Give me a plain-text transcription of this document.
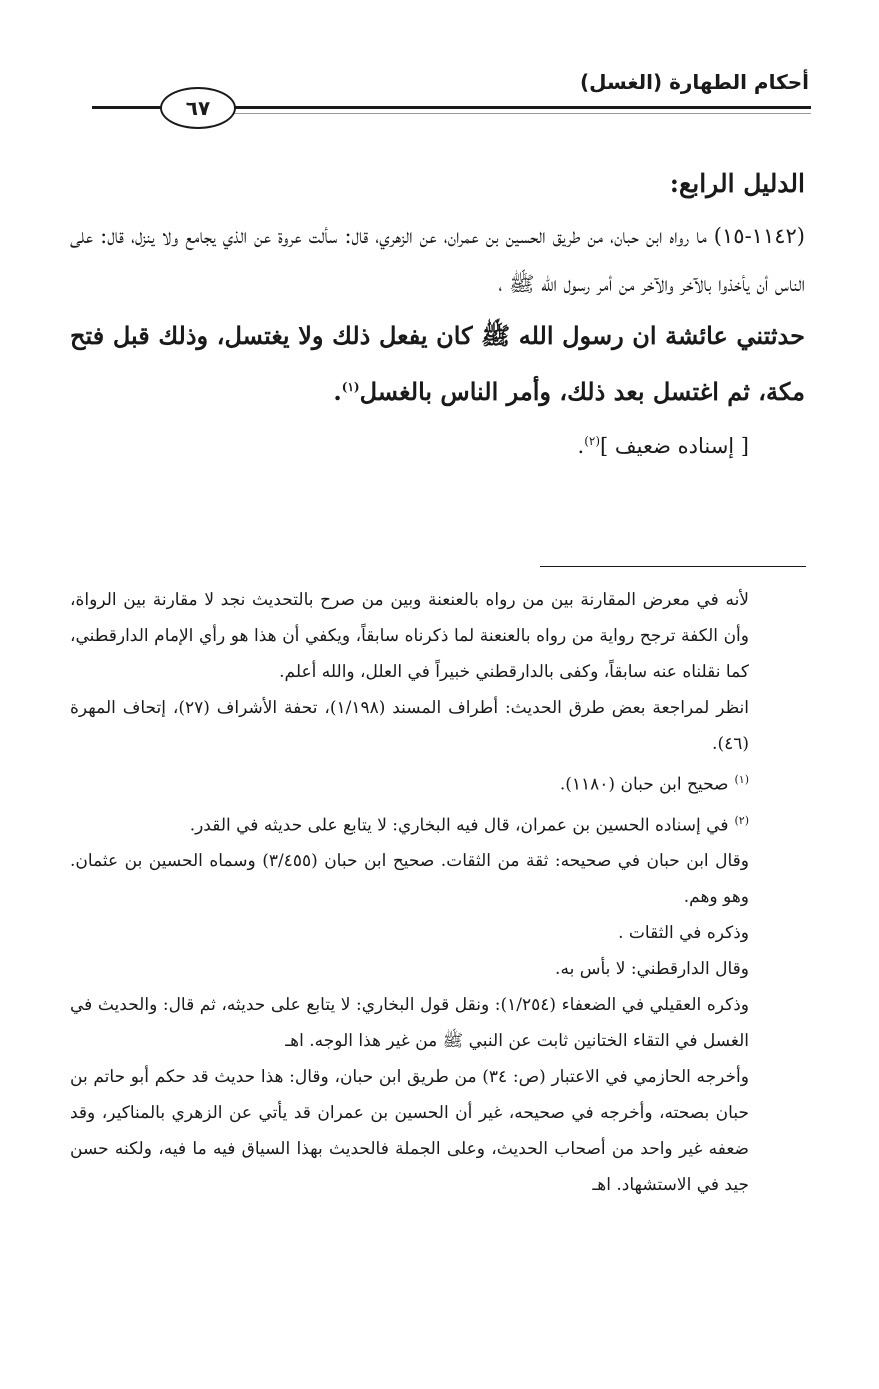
أحكام الطهارة (الغسل)
٦٧

الدليل الرابع:

(١١٤٢-١٥) ما رواه ابن حبان، من طريق الحسين بن عمران، عن الزهري، قال: سألت عروة عن الذي يجامع ولا ينزل، قال: على الناس أن يأخذوا بالآخر والآخر من أمر رسول الله ﷺ ،

حدثتني عائشة ان رسول الله ﷺ كان يفعل ذلك ولا يغتسل، وذلك قبل فتح مكة، ثم اغتسل بعد ذلك، وأمر الناس بالغسل$^{(١)}$.

[ إسناده ضعيف ]$^{(٢)}$.

لأنه في معرض المقارنة بين من رواه بالعنعنة وبين من صرح بالتحديث نجد لا مقارنة بين الرواة، وأن الكفة ترجح رواية من رواه بالعنعنة لما ذكرناه سابقاً، ويكفي أن هذا هو رأي الإمام الدارقطني، كما نقلناه عنه سابقاً، وكفى بالدارقطني خبيراً في العلل، والله أعلم.

انظر لمراجعة بعض طرق الحديث: أطراف المسند (١/١٩٨)، تحفة الأشراف (٢٧)، إتحاف المهرة (٤٦).

$^{(١)}$صحيح ابن حبان (١١٨٠).

$^{(٢)}$في إسناده الحسين بن عمران، قال فيه البخاري: لا يتابع على حديثه في القدر.

وقال ابن حبان في صحيحه: ثقة من الثقات. صحيح ابن حبان (٣/٤٥٥) وسماه الحسين بن عثمان. وهو وهم.

وذكره في الثقات .

وقال الدارقطني: لا بأس به.

وذكره العقيلي في الضعفاء (١/٢٥٤): ونقل قول البخاري: لا يتابع على حديثه، ثم قال: والحديث في الغسل في التقاء الختانين ثابت عن النبي ﷺ من غير هذا الوجه. اهـ

وأخرجه الحازمي في الاعتبار (ص: ٣٤) من طريق ابن حبان، وقال: هذا حديث قد حكم أبو حاتم بن حبان بصحته، وأخرجه في صحيحه، غير أن الحسين بن عمران قد يأتي عن الزهري بالمناكير، وقد ضعفه غير واحد من أصحاب الحديث، وعلى الجملة فالحديث بهذا السياق فيه ما فيه، ولكنه حسن جيد في الاستشهاد. اهـ
